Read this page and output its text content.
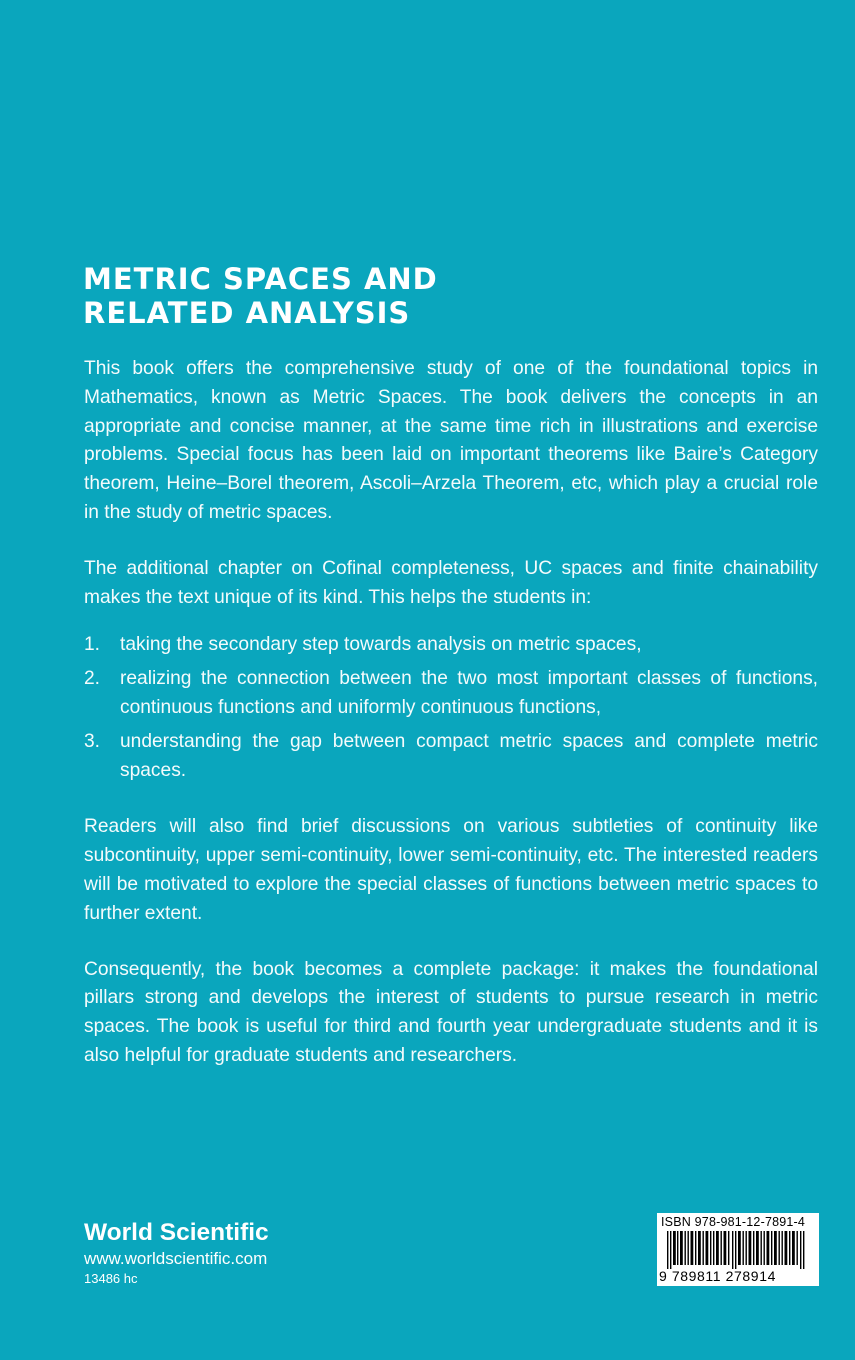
METRIC SPACES AND
RELATED ANALYSIS

This book offers the comprehensive study of one of the foundational topics in Mathematics, known as Metric Spaces. The book delivers the concepts in an appropriate and concise manner, at the same time rich in illustrations and exercise problems. Special focus has been laid on important theorems like Baire’s Category theorem, Heine–Borel theorem, Ascoli–Arzela Theorem, etc, which play a crucial role in the study of metric spaces.

The additional chapter on Cofinal completeness, UC spaces and finite chainability makes the text unique of its kind. This helps the students in:

1. taking the secondary step towards analysis on metric spaces,
2. realizing the connection between the two most important classes of functions, continuous functions and uniformly continuous functions,
3. understanding the gap between compact metric spaces and complete metric spaces.

Readers will also find brief discussions on various subtleties of continuity like subcontinuity, upper semi-continuity, lower semi-continuity, etc. The interested readers will be motivated to explore the special classes of functions between metric spaces to further extent.

Consequently, the book becomes a complete package: it makes the foundational pillars strong and develops the interest of students to pursue research in metric spaces. The book is useful for third and fourth year undergraduate students and it is also helpful for graduate students and researchers.

World Scientific
www.worldscientific.com
13486 hc
ISBN 978-981-12-7891-4
9 789811 278914
